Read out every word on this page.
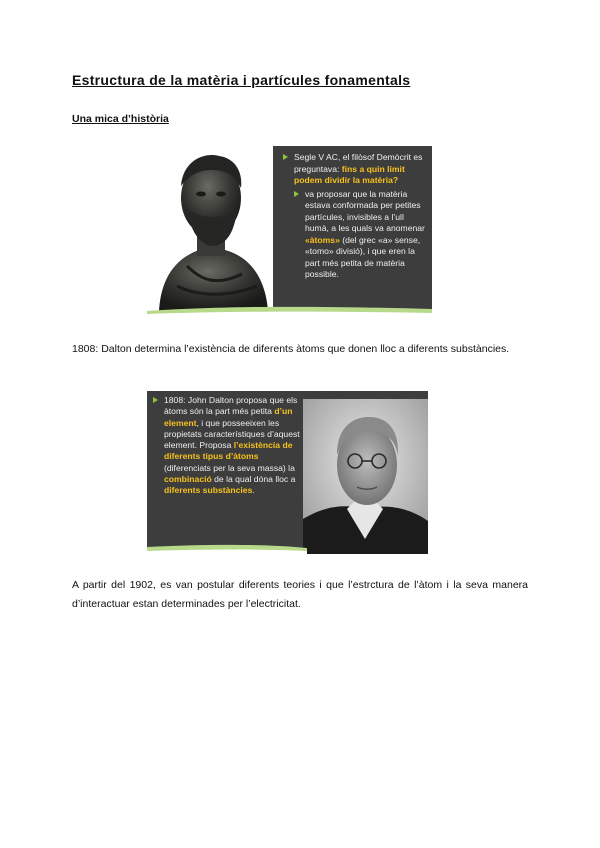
Estructura de la matèria i partícules fonamentals
Una mica d’història
Segle V AC, el filòsof Demòcrit es preguntava: fins a quin límit podem dividir la matèria?
va proposar que la matèria estava conformada per petites partícules, invisibles a l’ull humà, a les quals va anomenar «àtoms» (del grec «a» sense, «tomo» divisió), i que eren la part més petita de matèria possible.
1808: Dalton determina l’existència de diferents àtoms que donen lloc a diferents substàncies.
1808: John Dalton proposa que els àtoms són la part més petita d’un element, i que posseeixen les propietats característiques d’aquest element. Proposa l’existència de diferents tipus d’àtoms (diferenciats per la seva massa) la combinació de la qual dóna lloc a diferents substàncies.
A partir del 1902, es van postular diferents teories i que l’estrctura de l’àtom i la seva manera d’interactuar estan determinades per l’electricitat.
